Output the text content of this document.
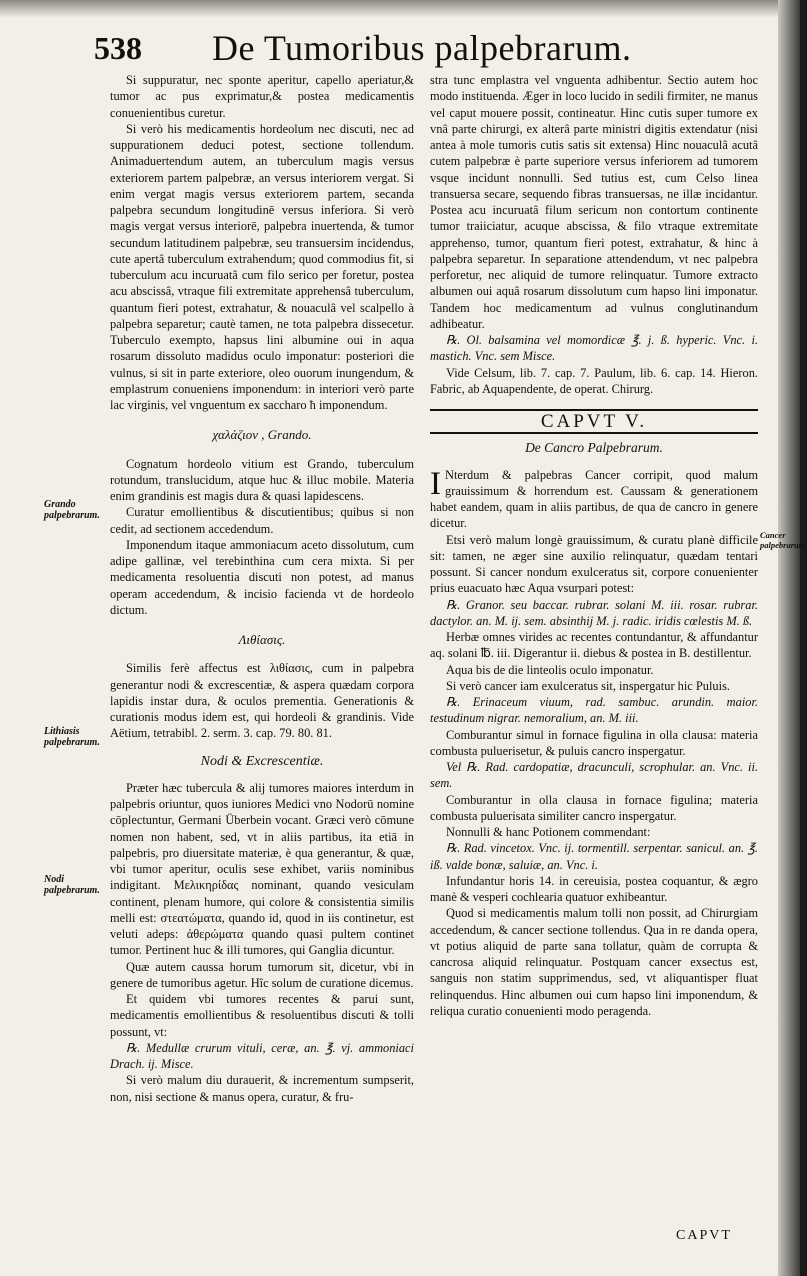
538 De Tumoribus palpebrarum.
Grando palpebrarum.
Lithiasis palpebrarum.
Nodi palpebrarum.
Cancer palpebrarum.

Si suppuratur, nec sponte aperitur, capello aperiatur,& tumor ac pus exprimatur,& postea medicamentis conuenientibus curetur.

Si verò his medicamentis hordeolum nec discuti, nec ad suppurationem deduci potest, sectione tollendum. Animaduertendum autem, an tuberculum magis versus exteriorem partem palpebræ, an versus interiorem vergat. Si enim vergat magis versus exteriorem partem, secanda palpebra secundum longitudinē versus inferiora. Si verò magis vergat versus interiorē, palpebra inuertenda, & tumor secundum latitudinem palpebræ, seu transuersim incidendus, cute apertâ tuberculum extrahendum; quod commodius fit, si tuberculum acu incuruatâ cum filo serico per foretur, postea acu abscissâ, vtraque fili extremitate apprehensâ tuberculum, quantum fieri potest, extrahatur, & nouaculâ vel scalpello à palpebra separetur; cautè tamen, ne tota palpebra dissecetur. Tuberculo exempto, hapsus lini albumine oui in aqua rosarum dissoluto madidus oculo imponatur: posteriori die vulnus, si sit in parte exteriore, oleo ouorum inungendum, & emplastrum conueniens imponendum: in interiori verò parte lac virginis, vel vnguentum ex saccharo ħ imponendum.

χαλάζιον , Grando.

Cognatum hordeolo vitium est Grando, tuberculum rotundum, translucidum, atque huc & illuc mobile. Materia enim grandinis est magis dura & quasi lapidescens.

Curatur emollientibus & discutientibus; quibus si non cedit, ad sectionem accedendum.

Imponendum itaque ammoniacum aceto dissolutum, cum adipe gallinæ, vel terebinthina cum cera mixta. Si per medicamenta resoluentia discuti non potest, ad manus operam accedendum, & incisio facienda vt de hordeolo dictum.

Λιθίασις.

Similis ferè affectus est λιθίασις, cum in palpebra generantur nodi & excrescentiæ, & aspera quædam corpora lapidis instar dura, & oculos prementia. Generationis & curationis modus idem est, qui hordeoli & grandinis. Vide Aëtium, tetrabibl. 2. serm. 3. cap. 79. 80. 81.

Nodi & Excrescentiæ.

Præter hæc tubercula & alij tumores maiores interdum in palpebris oriuntur, quos iuniores Medici vno Nodorū nomine cōplectuntur, Germani Überbein vocant. Græci verò cōmune nomen non habent, sed, vt in aliis partibus, ita etiā in palpebris, pro diuersitate materiæ, è qua generantur, & quæ, vbi tumor aperitur, oculis sese exhibet, variis nominibus indigitant. Μελικηρίδας nominant, quando vesiculam continent, plenam humore, qui colore & consistentia similis melli est: στεατώματα, quando id, quod in iis continetur, est veluti adeps: ἀθερώματα quando quasi pultem continet tumor. Pertinent huc & illi tumores, qui Ganglia dicuntur.

Quæ autem caussa horum tumorum sit, dicetur, vbi in genere de tumoribus agetur. Hîc solum de curatione dicemus.

Et quidem vbi tumores recentes & parui sunt, medicamentis emollientibus & resoluentibus discuti & tolli possunt, vt:

℞. Medullæ crurum vituli, ceræ, an. ℥. vj. ammoniaci Drach. ij. Misce.

Si verò malum diu durauerit, & incrementum sumpserit, non, nisi sectione & manus opera, curatur, & fru-

stra tunc emplastra vel vnguenta adhibentur. Sectio autem hoc modo instituenda. Æger in loco lucido in sedili firmiter, ne manus vel caput mouere possit, contineatur. Hinc cutis super tumore ex vnâ parte chirurgi, ex alterâ parte ministri digitis extendatur (nisi antea à mole tumoris cutis satis sit extensa) Hinc nouaculâ acutâ cutem palpebræ è parte superiore versus inferiorem ad tumorem vsque incidunt nonnulli. Sed tutius est, cum Celso linea transuersa secare, sequendo fibras transuersas, ne illæ incidantur. Postea acu incuruatâ filum sericum non contortum continente tumor traiiciatur, acuque abscissa, & filo vtraque extremitate apprehenso, tumor, quantum fieri potest, extrahatur, & hinc à palpebra separetur. In separatione attendendum, vt nec palpebra perforetur, nec aliquid de tumore relinquatur. Tumore extracto albumen oui aquâ rosarum dissolutum cum hapso lini imponatur. Tandem hoc medicamentum ad vulnus conglutinandum adhibeatur.

℞. Ol. balsamina vel momordicæ ℥. j. ß. hyperic. Vnc. i. mastich. Vnc. sem Misce.

Vide Celsum, lib. 7. cap. 7. Paulum, lib. 6. cap. 14. Hieron. Fabric, ab Aquapendente, de operat. Chirurg.

CAPVT V.
De Cancro Palpebrarum.

I Nterdum & palpebras Cancer corripit, quod malum grauissimum & horrendum est. Caussam & generationem habet eandem, quam in aliis partibus, de qua de cancro in genere dicetur.

Etsi verò malum longè grauissimum, & curatu planè difficile sit: tamen, ne æger sine auxilio relinquatur, quædam tentari possunt. Si cancer nondum exulceratus sit, corpore conuenienter prius euacuato hæc Aqua vsurpari potest:

℞. Granor. seu baccar. rubrar. solani M. iii. rosar. rubrar. dactylor. an. M. ij. sem. absinthij M. j. radic. iridis cœlestis M. ß.

Herbæ omnes virides ac recentes contundantur, & affundantur aq. solani ℔. iii. Digerantur ii. diebus & postea in B. destillentur.

Aqua bis de die linteolis oculo imponatur.

Si verò cancer iam exulceratus sit, inspergatur hic Puluis.

℞. Erinaceum viuum, rad. sambuc. arundin. maior. testudinum nigrar. nemoralium, an. M. iii.

Comburantur simul in fornace figulina in olla clausa: materia combusta puluerisetur, & puluis cancro inspergatur.

Vel ℞. Rad. cardopatiæ, dracunculi, scrophular. an. Vnc. ii. sem.

Comburantur in olla clausa in fornace figulina; materia combusta puluerisata similiter cancro inspergatur.

Nonnulli & hanc Potionem commendant:

℞. Rad. vincetox. Vnc. ij. tormentill. serpentar. sanicul. an. ℥. iß. valde bonæ, saluiæ, an. Vnc. i.

Infundantur horis 14. in cereuisia, postea coquantur, & ægro manè & vesperi cochlearia quatuor exhibeantur.

Quod si medicamentis malum tolli non possit, ad Chirurgiam accedendum, & cancer sectione tollendus. Qua in re danda opera, vt potius aliquid de parte sana tollatur, quàm de corrupta & cancrosa aliquid relinquatur. Postquam cancer exsectus est, sanguis non statim supprimendus, sed, vt aliquantisper fluat relinquendus. Hinc albumen oui cum hapso lini imponendum, & reliqua curatio conuenienti modo peragenda.

CAPVT
